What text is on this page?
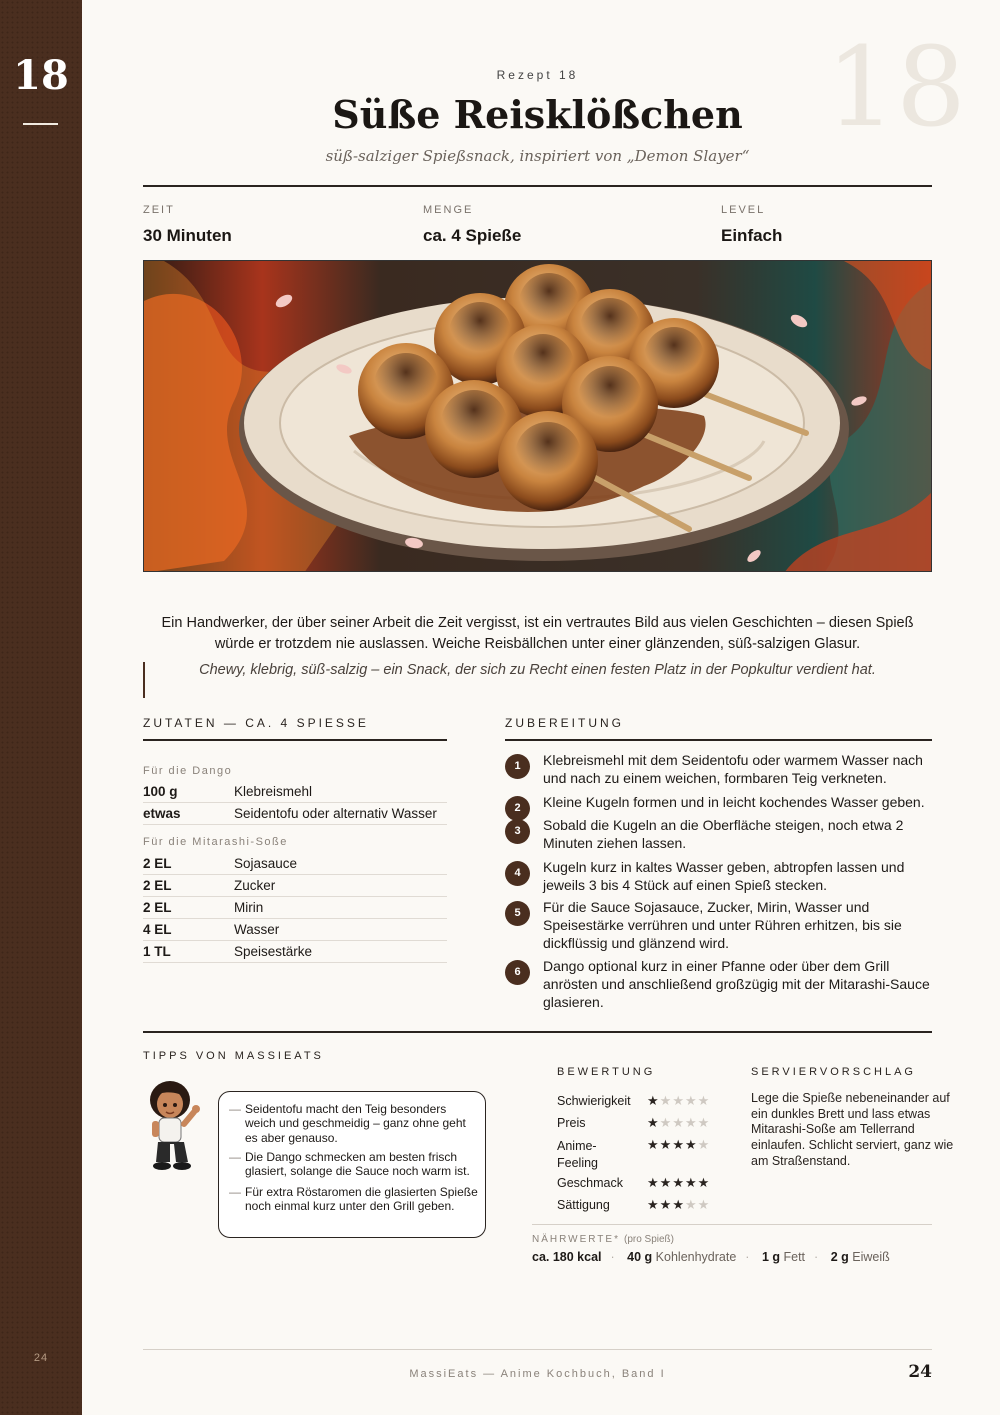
18
24
18
Rezept 18
Süße Reisklößchen
süß-salziger Spießsnack, inspiriert von „Demon Slayer“
ZEIT
30 Minuten
MENGE
ca. 4 Spieße
LEVEL
Einfach
Ein Handwerker, der über seiner Arbeit die Zeit vergisst, ist ein vertrautes Bild aus vielen Geschichten – diesen Spieß würde er trotzdem nie auslassen. Weiche Reisbällchen unter einer glänzenden, süß-salzigen Glasur.
Chewy, klebrig, süß-salzig – ein Snack, der sich zu Recht einen festen Platz in der Popkultur verdient hat.
ZUTATEN — CA. 4 SPIESSE
Für die Dango
100 g	Klebreismehl
etwas	Seidentofu oder alternativ Wasser
Für die Mitarashi-Soße
2 EL	Sojasauce
2 EL	Zucker
2 EL	Mirin
4 EL	Wasser
1 TL	Speisestärke
ZUBEREITUNG
1	Klebreismehl mit dem Seidentofu oder warmem Wasser nach und nach zu einem weichen, formbaren Teig verkneten.
2	Kleine Kugeln formen und in leicht kochendes Wasser geben.
3	Sobald die Kugeln an die Oberfläche steigen, noch etwa 2 Minuten ziehen lassen.
4	Kugeln kurz in kaltes Wasser geben, abtropfen lassen und jeweils 3 bis 4 Stück auf einen Spieß stecken.
5	Für die Sauce Sojasauce, Zucker, Mirin, Wasser und Speisestärke verrühren und unter Rühren erhitzen, bis sie dickflüssig und glänzend wird.
6	Dango optional kurz in einer Pfanne oder über dem Grill anrösten und anschließend großzügig mit der Mitarashi-Sauce glasieren.
TIPPS VON MASSIEATS
— Seidentofu macht den Teig besonders weich und geschmeidig – ganz ohne geht es aber genauso.
— Die Dango schmecken am besten frisch glasiert, solange die Sauce noch warm ist.
— Für extra Röstaromen die glasierten Spieße noch einmal kurz unter den Grill geben.
BEWERTUNG
Schwierigkeit ★★★★★
Preis	★★★★★
Anime-Feeling
★★★★★
Geschmack ★★★★★
Sättigung	★★★★★
SERVIERVORSCHLAG
Lege die Spieße nebeneinander auf ein dunkles Brett und lass etwas Mitarashi-Soße am Tellerrand einlaufen. Schlicht serviert, ganz wie am Straßenstand.
NÄHRWERTE* (pro Spieß)
ca. 180 kcal · 40 g Kohlenhydrate · 1 g Fett · 2 g Eiweiß
MassiEats — Anime Kochbuch, Band I	24
